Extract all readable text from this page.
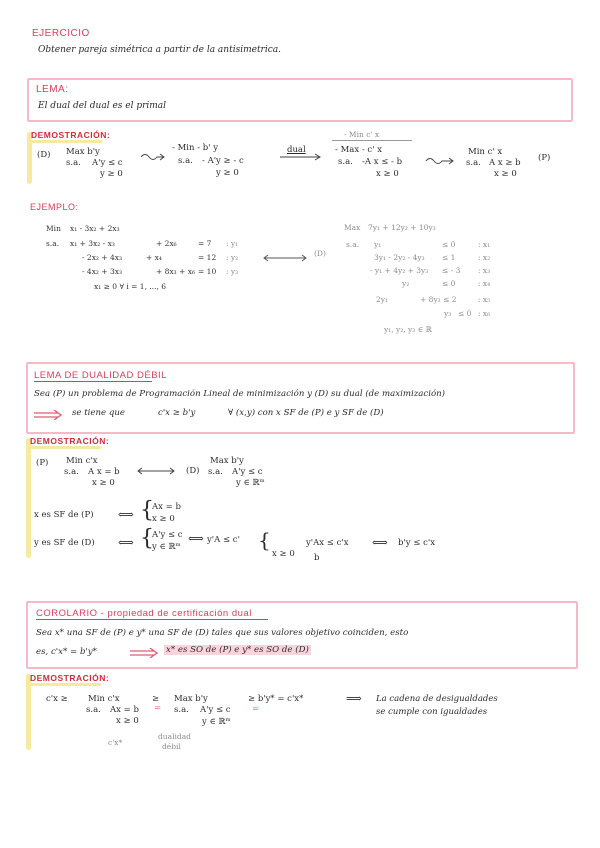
EJERCICIO
Obtener pareja simétrica a partir de la antisimetrica.
LEMA:
El dual del dual es el primal
DEMOSTRACIÓN:
(D) Max b'y
s.a. A'y ≤ c
y ≥ 0
- Min - b' y
s.a. - A'y ≥ - c
y ≥ 0
dual
- Min c' x
- Max - c' x
s.a. -A x ≤ - b
x ≥ 0
Min c' x
s.a. A x ≥ b
x ≥ 0
(P)
EJEMPLO:
Min x₁ - 3x₂ + 2x₃
s.a. x₁ + 3x₂ - x₃	+ 2x₆	= 7 : y₁
- 2x₂ + 4x₃	+ x₄	= 12 : y₂
- 4x₂ + 3x₃	+ 8x₃ + x₆ = 10 : y₃
x₁ ≥ 0 ∀ i = 1, ..., 6
(D)
Max 7y₁ + 12y₂ + 10y₃
s.a. y₁	≤ 0	: x₁
3y₁ - 2y₂ - 4y₃ ≤ 1	: x₂
- y₁ + 4y₂ + 3y₃ ≤ - 3 : x₃
y₂	≤ 0	: x₄
2y₁	+ 8y₃ ≤ 2	: x₅
y₃ ≤ 0 : x₆
y₁, y₂, y₃ ∈ ℝ
LEMA DE DUALIDAD DÉBIL
Sea (P) un problema de Programación Lineal de minimización y (D) su dual (de maximización)
se tiene que	c'x ≥ b'y	∀ (x,y) con x SF de (P) e y SF de (D)
DEMOSTRACIÓN:
(P) Min c'x
s.a. A x = b
x ≥ 0
(D)
Max b'y
s.a. A'y ≤ c
y ∈ ℝᵐ
x es SF de (P) ⟺ {
Ax = b
x ≥ 0
y es SF de (D) ⟺ {
A'y ≤ c
y ∈ ℝᵐ
⟺ y'A ≤ c' {
x ≥ 0
y'Ax ≤ c'x
b
⟺ b'y ≤ c'x
COROLARIO - propiedad de certificación dual
Sea x* una SF de (P) e y* una SF de (D) tales que sus valores objetivo coinciden, esto
es, c'x* = b'y*	x* es SO de (P) e y* es SO de (D)
DEMOSTRACIÓN:
c'x ≥ Min c'x
s.a. Ax = b
x ≥ 0
≥ Max b'y
s.a. A'y ≤ c
y ∈ ℝᵐ
≥ b'y* = c'x*
=	=
c'x*
dualidad
débil
⟹ La cadena de desigualdades
se cumple con igualdades
